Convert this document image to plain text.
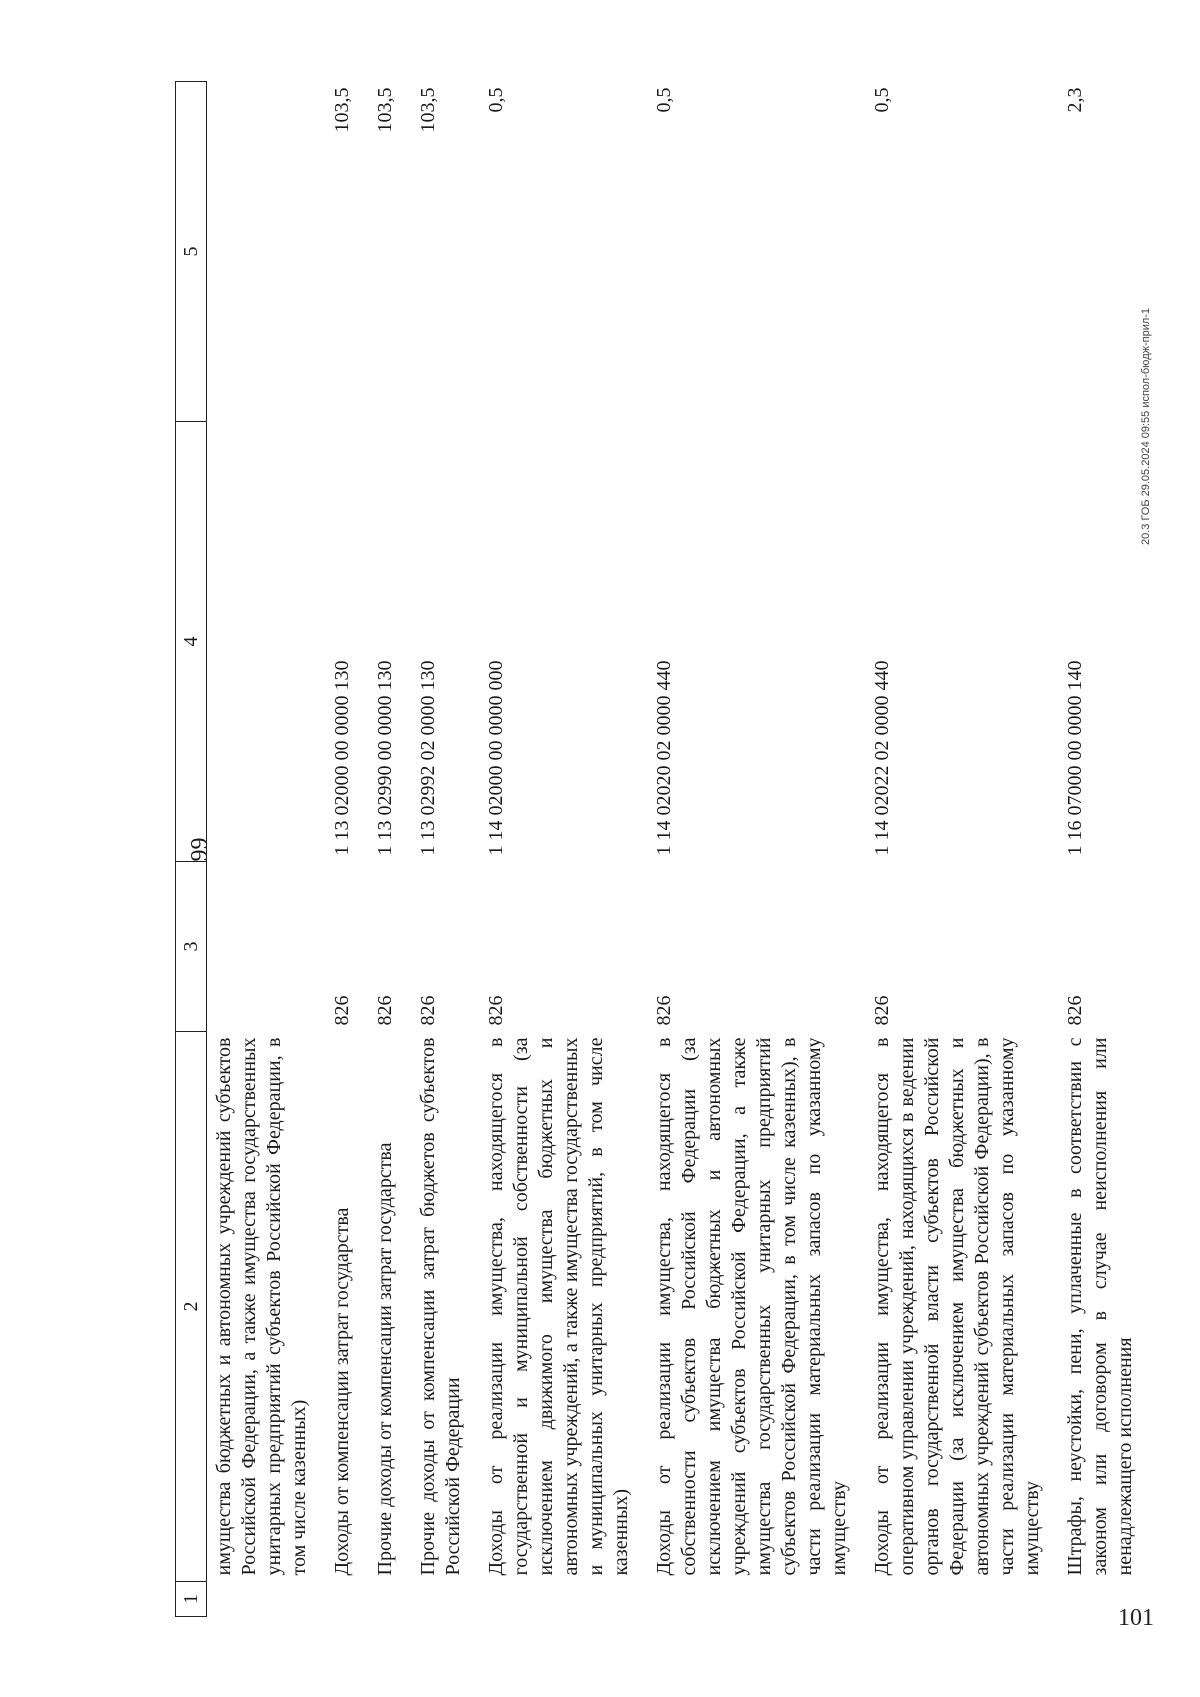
99
1	2	3	4	5
	имущества бюджетных и автономных учреждений субъектов Российской Федерации, а также имущества государственных унитарных предприятий субъектов Российской Федерации, в том числе казенных)			
	Доходы от компенсации затрат государства	826	1 13 02000 00 0000 130	103,5
	Прочие доходы от компенсации затрат государства	826	1 13 02990 00 0000 130	103,5
	Прочие доходы от компенсации затрат бюджетов субъектов Российской Федерации	826	1 13 02992 02 0000 130	103,5
	Доходы от реализации имущества, находящегося в государственной и муниципальной собственности (за исключением движимого имущества бюджетных и автономных учреждений, а также имущества государственных и муниципальных унитарных предприятий, в том числе казенных)	826	1 14 02000 00 0000 000	0,5
	Доходы от реализации имущества, находящегося в собственности субъектов Российской Федерации (за исключением имущества бюджетных и автономных учреждений субъектов Российской Федерации, а также имущества государственных унитарных предприятий субъектов Российской Федерации, в том числе казенных), в части реализации материальных запасов по указанному имуществу	826	1 14 02020 02 0000 440	0,5
	Доходы от реализации имущества, находящегося в оперативном управлении учреждений, находящихся в ведении органов государственной власти субъектов Российской Федерации (за исключением имущества бюджетных и автономных учреждений субъектов Российской Федерации), в части реализации материальных запасов по указанному имуществу	826	1 14 02022 02 0000 440	0,5
	Штрафы, неустойки, пени, уплаченные в соответствии с законом или договором в случае неисполнения или ненадлежащего исполнения	826	1 16 07000 00 0000 140	2,3
20.3 ГОБ 29.05.2024 09:55 испол-бюдж-прил-1
101
